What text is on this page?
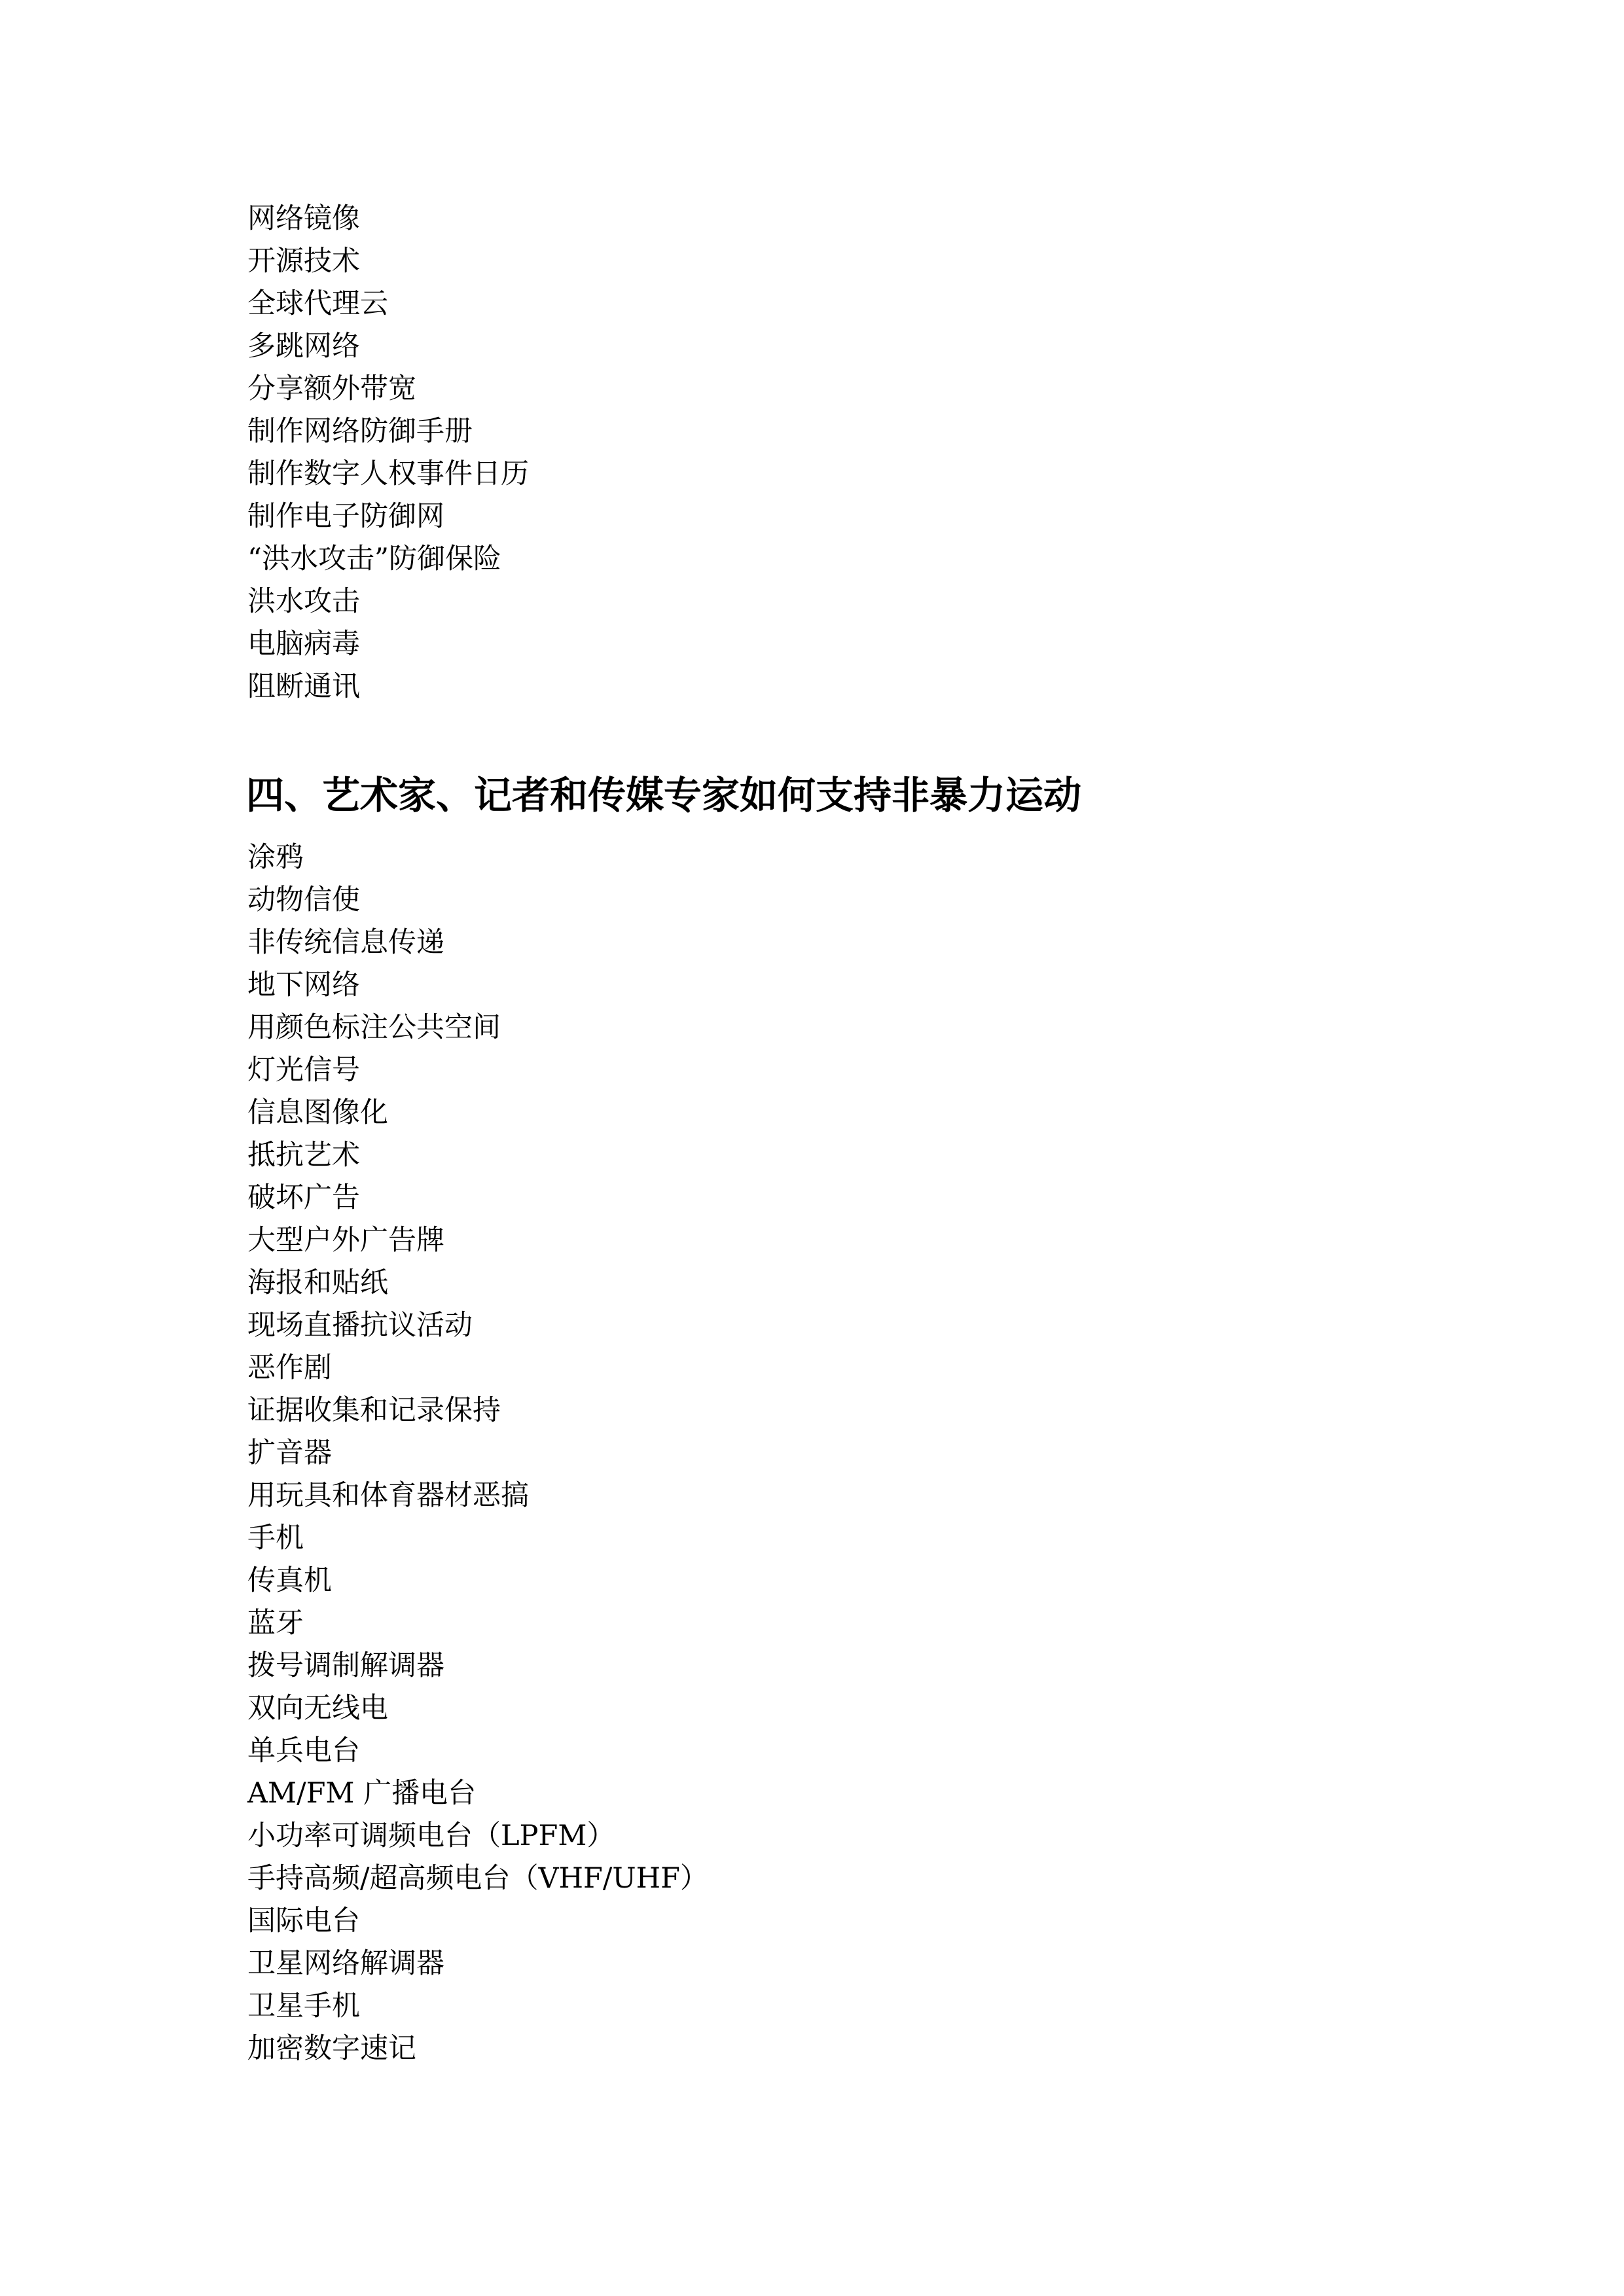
网络镜像
开源技术
全球代理云
多跳网络
分享额外带宽
制作网络防御手册
制作数字人权事件日历
制作电子防御网
“洪水攻击”防御保险
洪水攻击
电脑病毒
阻断通讯
四、艺术家、记者和传媒专家如何支持非暴力运动
涂鸦
动物信使
非传统信息传递
地下网络
用颜色标注公共空间
灯光信号
信息图像化
抵抗艺术
破坏广告
大型户外广告牌
海报和贴纸
现场直播抗议活动
恶作剧
证据收集和记录保持
扩音器
用玩具和体育器材恶搞
手机
传真机
蓝牙
拨号调制解调器
双向无线电
单兵电台
AM/FM 广播电台
小功率可调频电台（LPFM）
手持高频/超高频电台（VHF/UHF）
国际电台
卫星网络解调器
卫星手机
加密数字速记
